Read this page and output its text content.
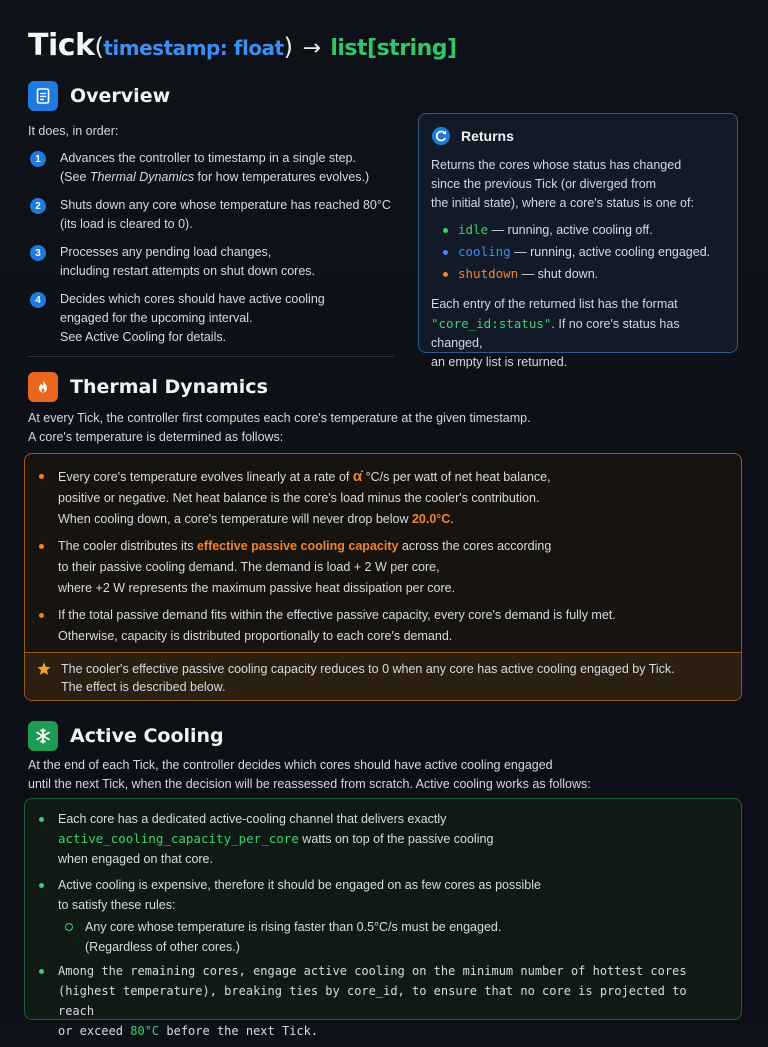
Tick(timestamp: float) → list[string]
Overview
It does, in order:
1	Advances the controller to timestamp in a single step.
(See Thermal Dynamics for how temperatures evolves.)
2	Shuts down any core whose temperature has reached 80°C
(its load is cleared to 0).
3	Processes any pending load changes,
including restart attempts on shut down cores.
4	Decides which cores should have active cooling
engaged for the upcoming interval.
See Active Cooling for details.
Returns
Returns the cores whose status has changed
since the previous Tick (or diverged from
the initial state), where a core's status is one of:
idle — running, active cooling off.
cooling — running, active cooling engaged.
shutdown — shut down.
Each entry of the returned list has the format
"core_id:status". If no core's status has changed,
an empty list is returned.
Thermal Dynamics
At every Tick, the controller first computes each core's temperature at the given timestamp.
A core's temperature is determined as follows:
Every core's temperature evolves linearly at a rate of α̇ °C/s per watt of net heat balance,
positive or negative. Net heat balance is the core's load minus the cooler's contribution.
When cooling down, a core's temperature will never drop below 20.0°C.
The cooler distributes its effective passive cooling capacity across the cores according
to their passive cooling demand. The demand is load + 2 W per core,
where +2 W represents the maximum passive heat dissipation per core.
If the total passive demand fits within the effective passive capacity, every core's demand is fully met.
Otherwise, capacity is distributed proportionally to each core's demand.
The cooler's effective passive cooling capacity reduces to 0 when any core has active cooling engaged by Tick.
The effect is described below.
Active Cooling
At the end of each Tick, the controller decides which cores should have active cooling engaged
until the next Tick, when the decision will be reassessed from scratch. Active cooling works as follows:
Each core has a dedicated active-cooling channel that delivers exactly
active_cooling_capacity_per_core watts on top of the passive cooling
when engaged on that core.
Active cooling is expensive, therefore it should be engaged on as few cores as possible
to satisfy these rules:
Any core whose temperature is rising faster than 0.5°C/s must be engaged.
(Regardless of other cores.)
Among the remaining cores, engage active cooling on the minimum number of hottest cores
(highest temperature), breaking ties by core_id, to ensure that no core is projected to reach
or exceed 80°C before the next Tick.
